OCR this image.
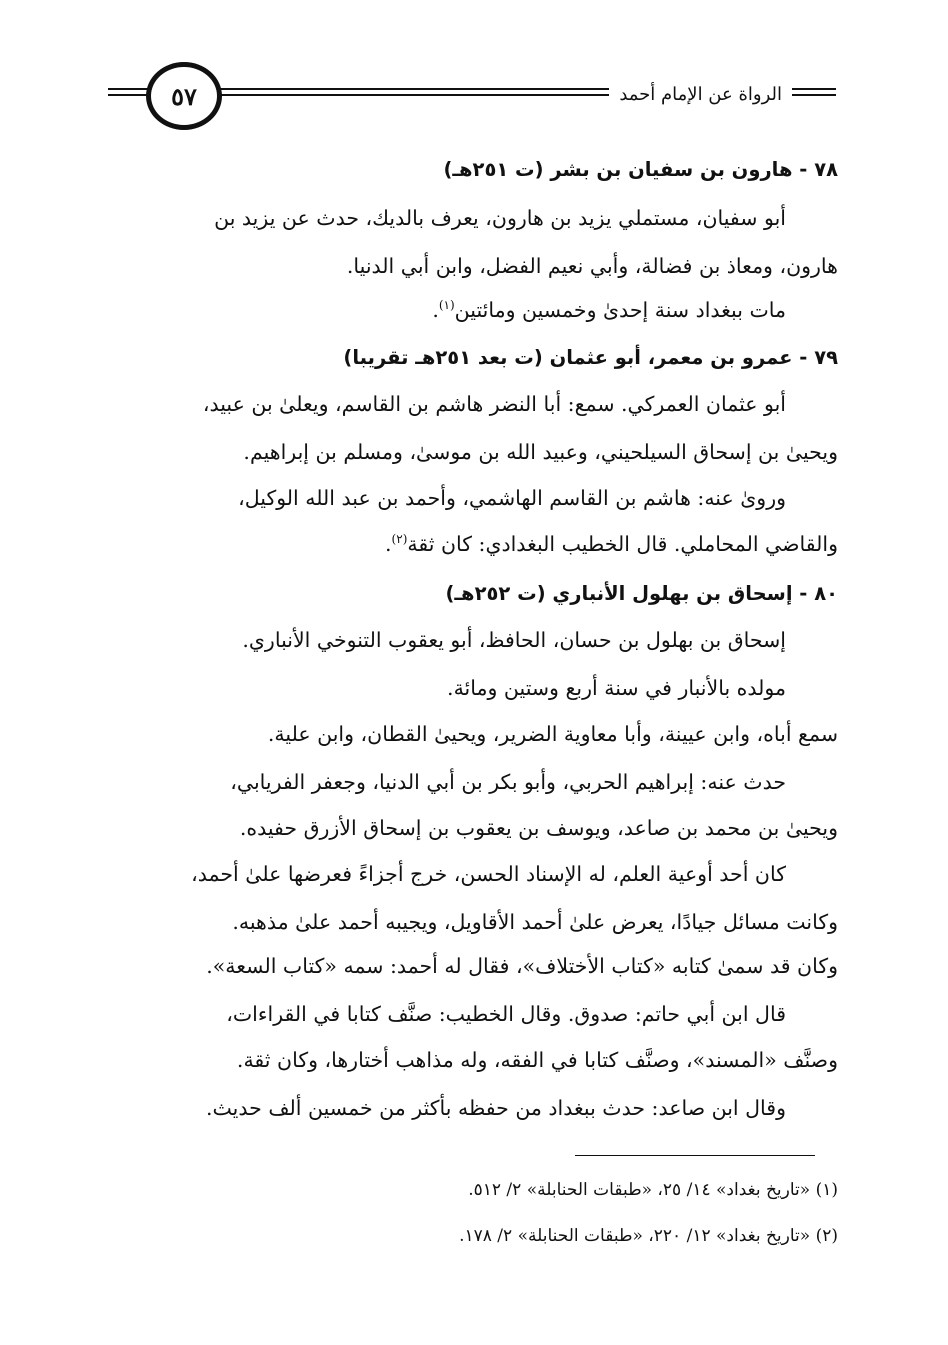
٥٧	الرواة عن الإمام أحمد
٧٨ - هارون بن سفيان بن بشر (ت ٢٥١هـ)
أبو سفيان، مستملي يزيد بن هارون، يعرف بالديك، حدث عن يزيد بن
هارون، ومعاذ بن فضالة، وأبي نعيم الفضل، وابن أبي الدنيا.
مات ببغداد سنة إحدىٰ وخمسين ومائتين$^{(١)}$.
٧٩ - عمرو بن معمر، أبو عثمان (ت بعد ٢٥١هـ تقريبا)
أبو عثمان العمركي. سمع: أبا النضر هاشم بن القاسم، ويعلىٰ بن عبيد،
ويحيىٰ بن إسحاق السيلحيني، وعبيد الله بن موسىٰ، ومسلم بن إبراهيم.
ورویٰ عنه: هاشم بن القاسم الهاشمي، وأحمد بن عبد الله الوكيل،
والقاضي المحاملي. قال الخطيب البغدادي: كان ثقة$^{(٢)}$.
٨٠ - إسحاق بن بهلول الأنباري (ت ٢٥٢هـ)
إسحاق بن بهلول بن حسان، الحافظ، أبو يعقوب التنوخي الأنباري.
مولده بالأنبار في سنة أربع وستين ومائة.
سمع أباه، وابن عيينة، وأبا معاوية الضرير، ويحيىٰ القطان، وابن علية.
حدث عنه: إبراهيم الحربي، وأبو بكر بن أبي الدنيا، وجعفر الفريابي،
ويحيىٰ بن محمد بن صاعد، ويوسف بن يعقوب بن إسحاق الأزرق حفيده.
كان أحد أوعية العلم، له الإسناد الحسن، خرج أجزاءً فعرضها علىٰ أحمد،
وكانت مسائل جيادًا، يعرض علىٰ أحمد الأقاويل، ويجيبه أحمد علىٰ مذهبه.
وكان قد سمىٰ كتابه «كتاب الأختلاف»، فقال له أحمد: سمه «كتاب السعة».
قال ابن أبي حاتم: صدوق. وقال الخطيب: صنَّف كتابا في القراءات،
وصنَّف «المسند»، وصنَّف كتابا في الفقه، وله مذاهب أختارها، وكان ثقة.
وقال ابن صاعد: حدث ببغداد من حفظه بأكثر من خمسين ألف حديث.
(١) «تاريخ بغداد» ١٤/ ٢٥، «طبقات الحنابلة» ٢/ ٥١٢.
(٢) «تاريخ بغداد» ١٢/ ٢٢٠، «طبقات الحنابلة» ٢/ ١٧٨.
